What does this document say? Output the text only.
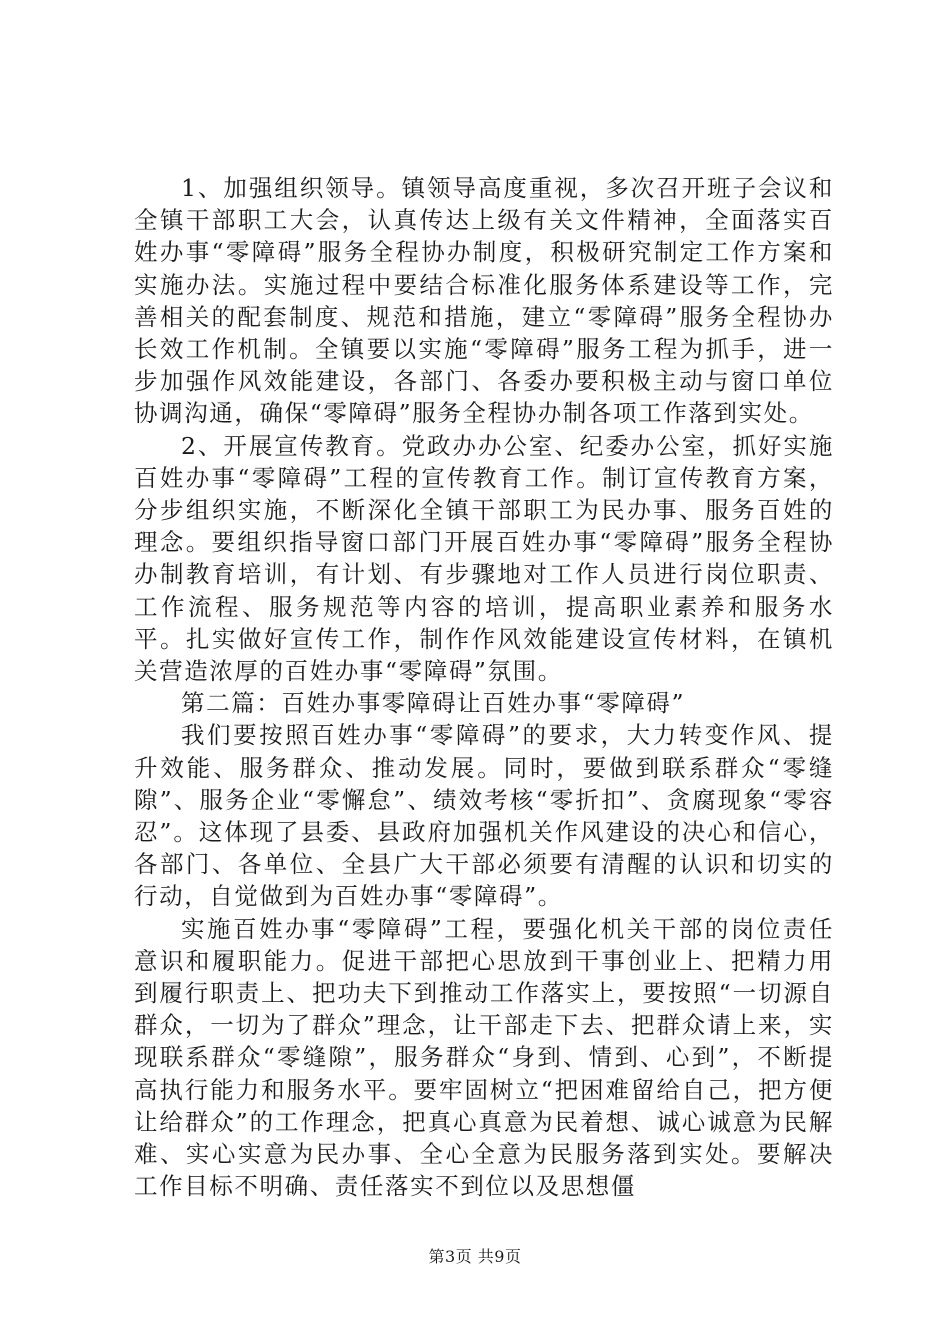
1、加强组织领导。镇领导高度重视，多次召开班子会议和全镇干部职工大会，认真传达上级有关文件精神，全面落实百姓办事“零障碍”服务全程协办制度，积极研究制定工作方案和实施办法。实施过程中要结合标准化服务体系建设等工作，完善相关的配套制度、规范和措施，建立“零障碍”服务全程协办长效工作机制。全镇要以实施“零障碍”服务工程为抓手，进一步加强作风效能建设，各部门、各委办要积极主动与窗口单位协调沟通，确保“零障碍”服务全程协办制各项工作落到实处。

2、开展宣传教育。党政办办公室、纪委办公室，抓好实施百姓办事“零障碍”工程的宣传教育工作。制订宣传教育方案，分步组织实施，不断深化全镇干部职工为民办事、服务百姓的理念。要组织指导窗口部门开展百姓办事“零障碍”服务全程协办制教育培训，有计划、有步骤地对工作人员进行岗位职责、工作流程、服务规范等内容的培训，提高职业素养和服务水平。扎实做好宣传工作，制作作风效能建设宣传材料，在镇机关营造浓厚的百姓办事“零障碍”氛围。

第二篇：百姓办事零障碍让百姓办事“零障碍”

我们要按照百姓办事“零障碍”的要求，大力转变作风、提升效能、服务群众、推动发展。同时，要做到联系群众“零缝隙”、服务企业“零懈怠”、绩效考核“零折扣”、贪腐现象“零容忍”。这体现了县委、县政府加强机关作风建设的决心和信心，各部门、各单位、全县广大干部必须要有清醒的认识和切实的行动，自觉做到为百姓办事“零障碍”。

实施百姓办事“零障碍”工程，要强化机关干部的岗位责任意识和履职能力。促进干部把心思放到干事创业上、把精力用到履行职责上、把功夫下到推动工作落实上，要按照“一切源自群众，一切为了群众”理念，让干部走下去、把群众请上来，实现联系群众“零缝隙”，服务群众“身到、情到、心到”，不断提高执行能力和服务水平。要牢固树立“把困难留给自己，把方便让给群众”的工作理念，把真心真意为民着想、诚心诚意为民解难、实心实意为民办事、全心全意为民服务落到实处。要解决工作目标不明确、责任落实不到位以及思想僵

第3页 共9页
